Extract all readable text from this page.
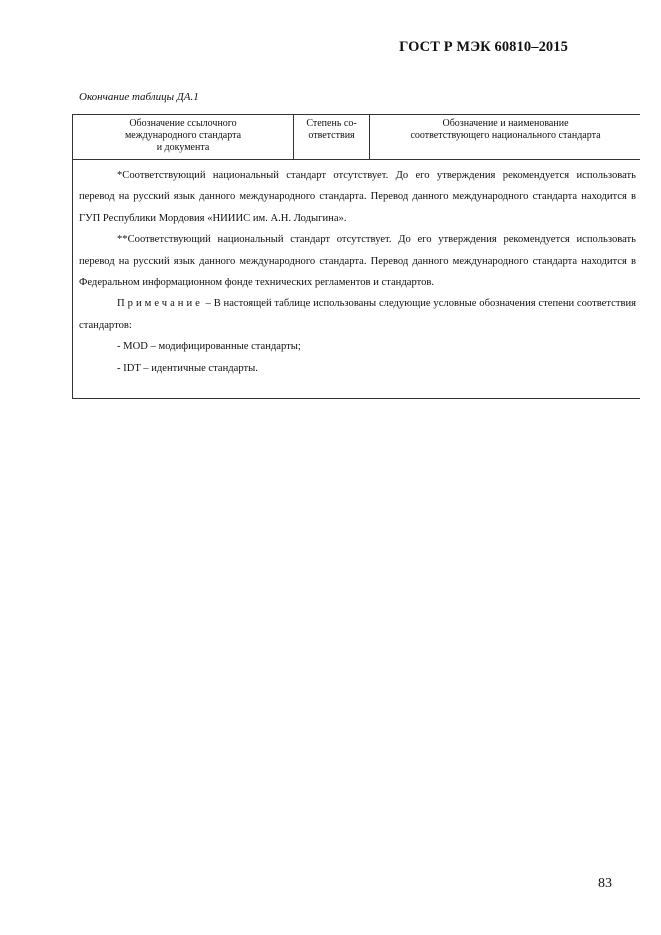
ГОСТ Р МЭК 60810–2015
Окончание таблицы ДА.1
Обозначение ссылочного
международного стандарта
и документа
Степень со-
ответствия
Обозначение и наименование
соответствующего национального стандарта

*Соответствующий национальный стандарт отсутствует. До его утверждения рекомендуется использовать перевод на русский язык данного международного стандарта. Перевод данного международного стандарта находится в ГУП Республики Мордовия «НИИИС им. А.Н. Лодыгина».

**Соответствующий национальный стандарт отсутствует. До его утверждения рекомендуется использовать перевод на русский язык данного международного стандарта. Перевод данного международного стандарта находится в Федеральном информационном фонде технических регламентов и стандартов.

Примечание – В настоящей таблице использованы следующие условные обозначения степени соответствия стандартов:

- MOD – модифицированные стандарты;

- IDT – идентичные стандарты.

83
